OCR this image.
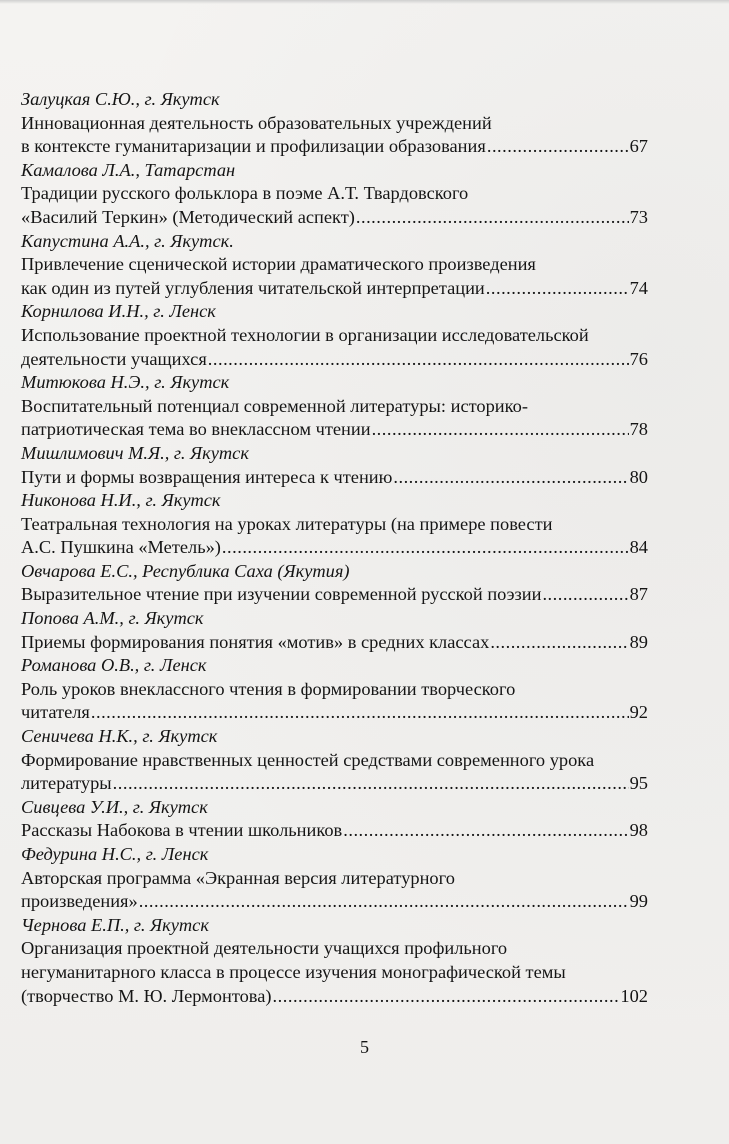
Залуцкая С.Ю., г. Якутск
Инновационная деятельность образовательных учреждений
в контексте гуманитаризации и профилизации образования .....	67
Камалова Л.А., Татарстан
Традиции русского фольклора в поэме А.Т. Твардовского
«Василий Теркин» (Методический аспект) .....	73
Капустина А.А., г. Якутск.
Привлечение сценической истории драматического произведения
как один из путей углубления читательской интерпретации .....	74
Корнилова И.Н., г. Ленск
Использование проектной технологии в организации исследовательской
деятельности учащихся .....	76
Митюкова Н.Э., г. Якутск
Воспитательный потенциал современной литературы: историко-
патриотическая тема во внеклассном чтении .....	78
Мишлимович М.Я., г. Якутск
Пути и формы возвращения интереса к чтению .....	80
Никонова Н.И., г. Якутск
Театральная технология на уроках литературы (на примере повести
А.С. Пушкина «Метель») .....	84
Овчарова Е.С., Республика Саха (Якутия)
Выразительное чтение при изучении современной русской поэзии .....	87
Попова А.М., г. Якутск
Приемы формирования понятия «мотив» в средних классах .....	89
Романова О.В., г. Ленск
Роль уроков внеклассного чтения в формировании творческого
читателя .....	92
Сеничева Н.К., г. Якутск
Формирование нравственных ценностей средствами современного урока
литературы .....	95
Сивцева У.И., г. Якутск
Рассказы Набокова в чтении школьников .....	98
Федурина Н.С., г. Ленск
Авторская программа «Экранная версия литературного
произведения» .....	99
Чернова Е.П., г. Якутск
Организация проектной деятельности учащихся профильного
негуманитарного класса в процессе изучения монографической темы
(творчество М. Ю. Лермонтова) .....	102
5
